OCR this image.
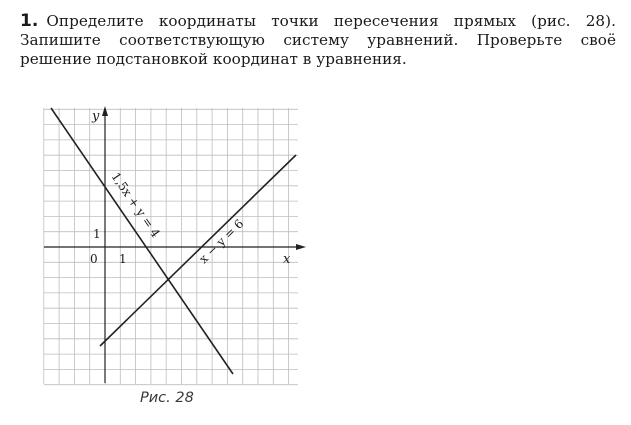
1. Определите координаты точки пересечения прямых (рис. 28). Запишите соответствующую систему уравнений. Проверьте своё решение подстановкой координат в уравнения.
y
x
0 1
1 1,5x + y = 4
x − y = 6
Рис. 28
